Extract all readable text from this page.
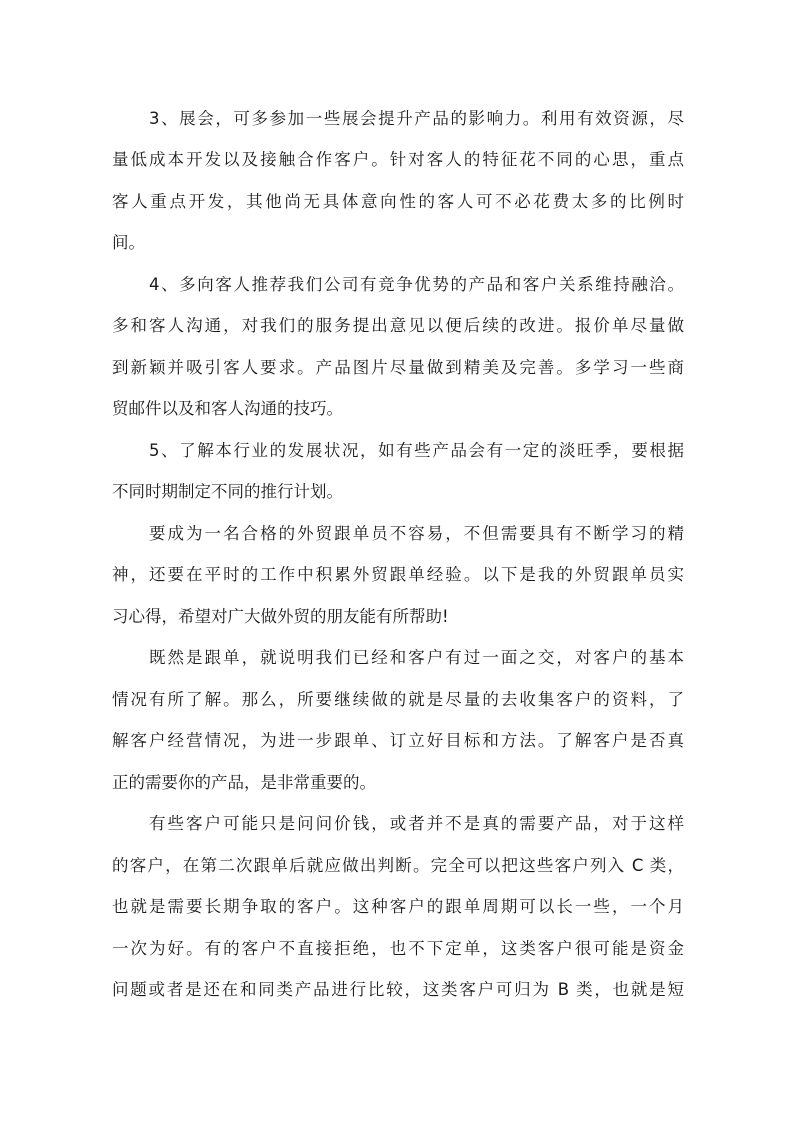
3、展会，可多参加一些展会提升产品的影响力。利用有效资源，尽
量低成本开发以及接触合作客户。针对客人的特征花不同的心思，重点
客人重点开发，其他尚无具体意向性的客人可不必花费太多的比例时
间。
4、多向客人推荐我们公司有竞争优势的产品和客户关系维持融洽。
多和客人沟通，对我们的服务提出意见以便后续的改进。报价单尽量做
到新颖并吸引客人要求。产品图片尽量做到精美及完善。多学习一些商
贸邮件以及和客人沟通的技巧。
5、了解本行业的发展状况，如有些产品会有一定的淡旺季，要根据
不同时期制定不同的推行计划。
要成为一名合格的外贸跟单员不容易，不但需要具有不断学习的精
神，还要在平时的工作中积累外贸跟单经验。以下是我的外贸跟单员实
习心得，希望对广大做外贸的朋友能有所帮助!
既然是跟单，就说明我们已经和客户有过一面之交，对客户的基本
情况有所了解。那么，所要继续做的就是尽量的去收集客户的资料，了
解客户经营情况，为进一步跟单、订立好目标和方法。了解客户是否真
正的需要你的产品，是非常重要的。
有些客户可能只是问问价钱，或者并不是真的需要产品，对于这样
的客户，在第二次跟单后就应做出判断。完全可以把这些客户列入 C 类，
也就是需要长期争取的客户。这种客户的跟单周期可以长一些，一个月
一次为好。有的客户不直接拒绝，也不下定单，这类客户很可能是资金
问题或者是还在和同类产品进行比较，这类客户可归为 B 类，也就是短
